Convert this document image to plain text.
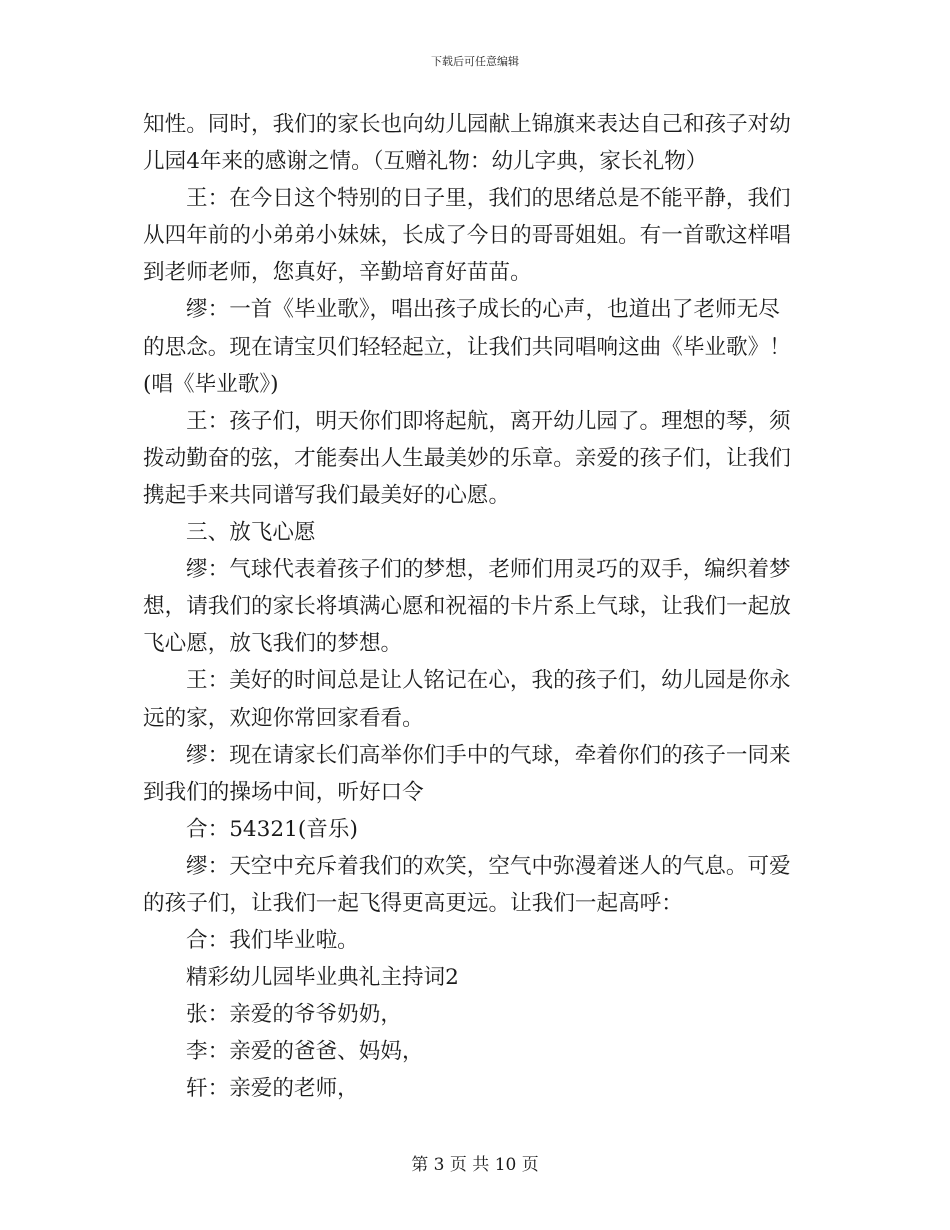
下载后可任意编辑
知性。同时，我们的家长也向幼儿园献上锦旗来表达自己和孩子对幼
儿园4年来的感谢之情。（互赠礼物：幼儿字典，家长礼物）
王：在今日这个特别的日子里，我们的思绪总是不能平静，我们
从四年前的小弟弟小妹妹，长成了今日的哥哥姐姐。有一首歌这样唱
到老师老师，您真好，辛勤培育好苗苗。
缪：一首《毕业歌》，唱出孩子成长的心声，也道出了老师无尽
的思念。现在请宝贝们轻轻起立，让我们共同唱响这曲《毕业歌》！
(唱《毕业歌》)
王：孩子们，明天你们即将起航，离开幼儿园了。理想的琴，须
拨动勤奋的弦，才能奏出人生最美妙的乐章。亲爱的孩子们，让我们
携起手来共同谱写我们最美好的心愿。
三、放飞心愿
缪：气球代表着孩子们的梦想，老师们用灵巧的双手，编织着梦
想，请我们的家长将填满心愿和祝福的卡片系上气球，让我们一起放
飞心愿，放飞我们的梦想。
王：美好的时间总是让人铭记在心，我的孩子们，幼儿园是你永
远的家，欢迎你常回家看看。
缪：现在请家长们高举你们手中的气球，牵着你们的孩子一同来
到我们的操场中间，听好口令
合：54321(音乐)
缪：天空中充斥着我们的欢笑，空气中弥漫着迷人的气息。可爱
的孩子们，让我们一起飞得更高更远。让我们一起高呼：
合：我们毕业啦。
精彩幼儿园毕业典礼主持词2
张：亲爱的爷爷奶奶，
李：亲爱的爸爸、妈妈，
轩：亲爱的老师，
第 3 页 共 10 页
